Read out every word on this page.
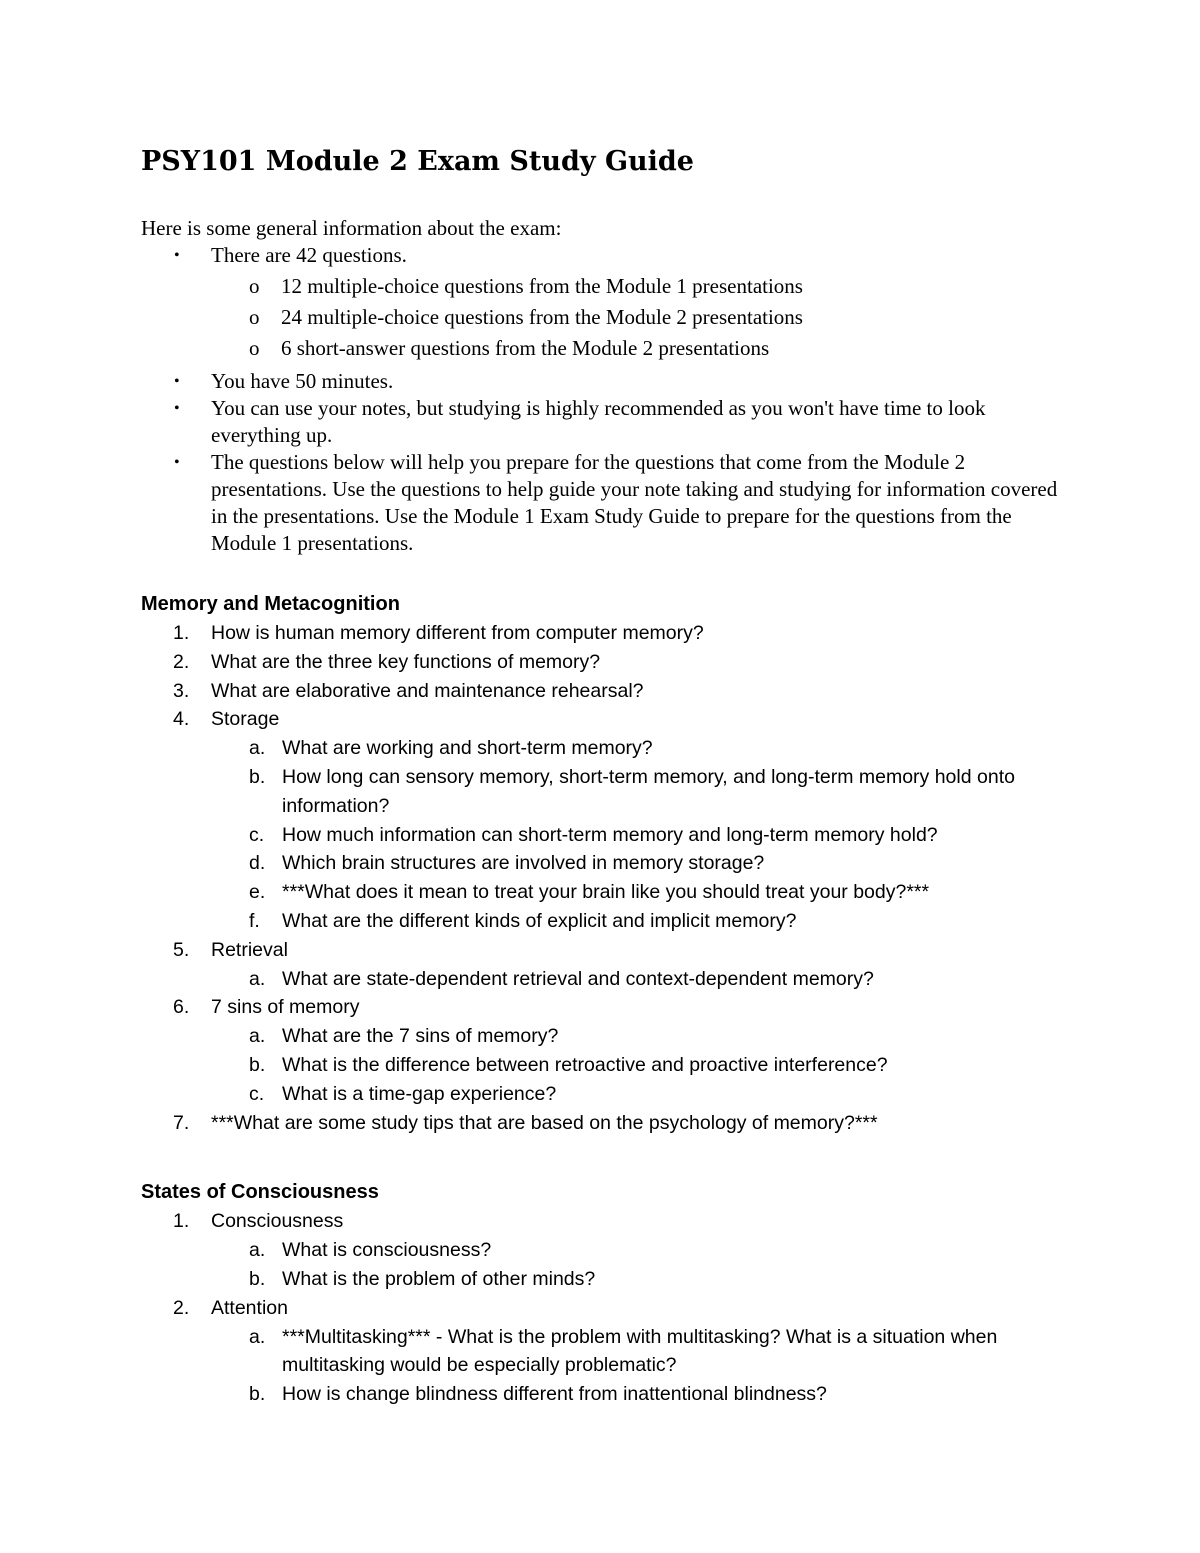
PSY101 Module 2 Exam Study Guide
Here is some general information about the exam:
• There are 42 questions.
o 12 multiple-choice questions from the Module 1 presentations
o 24 multiple-choice questions from the Module 2 presentations
o 6 short-answer questions from the Module 2 presentations
• You have 50 minutes.
• You can use your notes, but studying is highly recommended as you won't have time to look everything up.
• The questions below will help you prepare for the questions that come from the Module 2 presentations. Use the questions to help guide your note taking and studying for information covered in the presentations. Use the Module 1 Exam Study Guide to prepare for the questions from the Module 1 presentations.
Memory and Metacognition
1. How is human memory different from computer memory?
2. What are the three key functions of memory?
3. What are elaborative and maintenance rehearsal?
4. Storage
a. What are working and short-term memory?
b. How long can sensory memory, short-term memory, and long-term memory hold onto information?
c. How much information can short-term memory and long-term memory hold?
d. Which brain structures are involved in memory storage?
e. ***What does it mean to treat your brain like you should treat your body?***
f. What are the different kinds of explicit and implicit memory?
5. Retrieval
a. What are state-dependent retrieval and context-dependent memory?
6. 7 sins of memory
a. What are the 7 sins of memory?
b. What is the difference between retroactive and proactive interference?
c. What is a time-gap experience?
7. ***What are some study tips that are based on the psychology of memory?***
States of Consciousness
1. Consciousness
a. What is consciousness?
b. What is the problem of other minds?
2. Attention
a. ***Multitasking*** - What is the problem with multitasking? What is a situation when multitasking would be especially problematic?
b. How is change blindness different from inattentional blindness?
